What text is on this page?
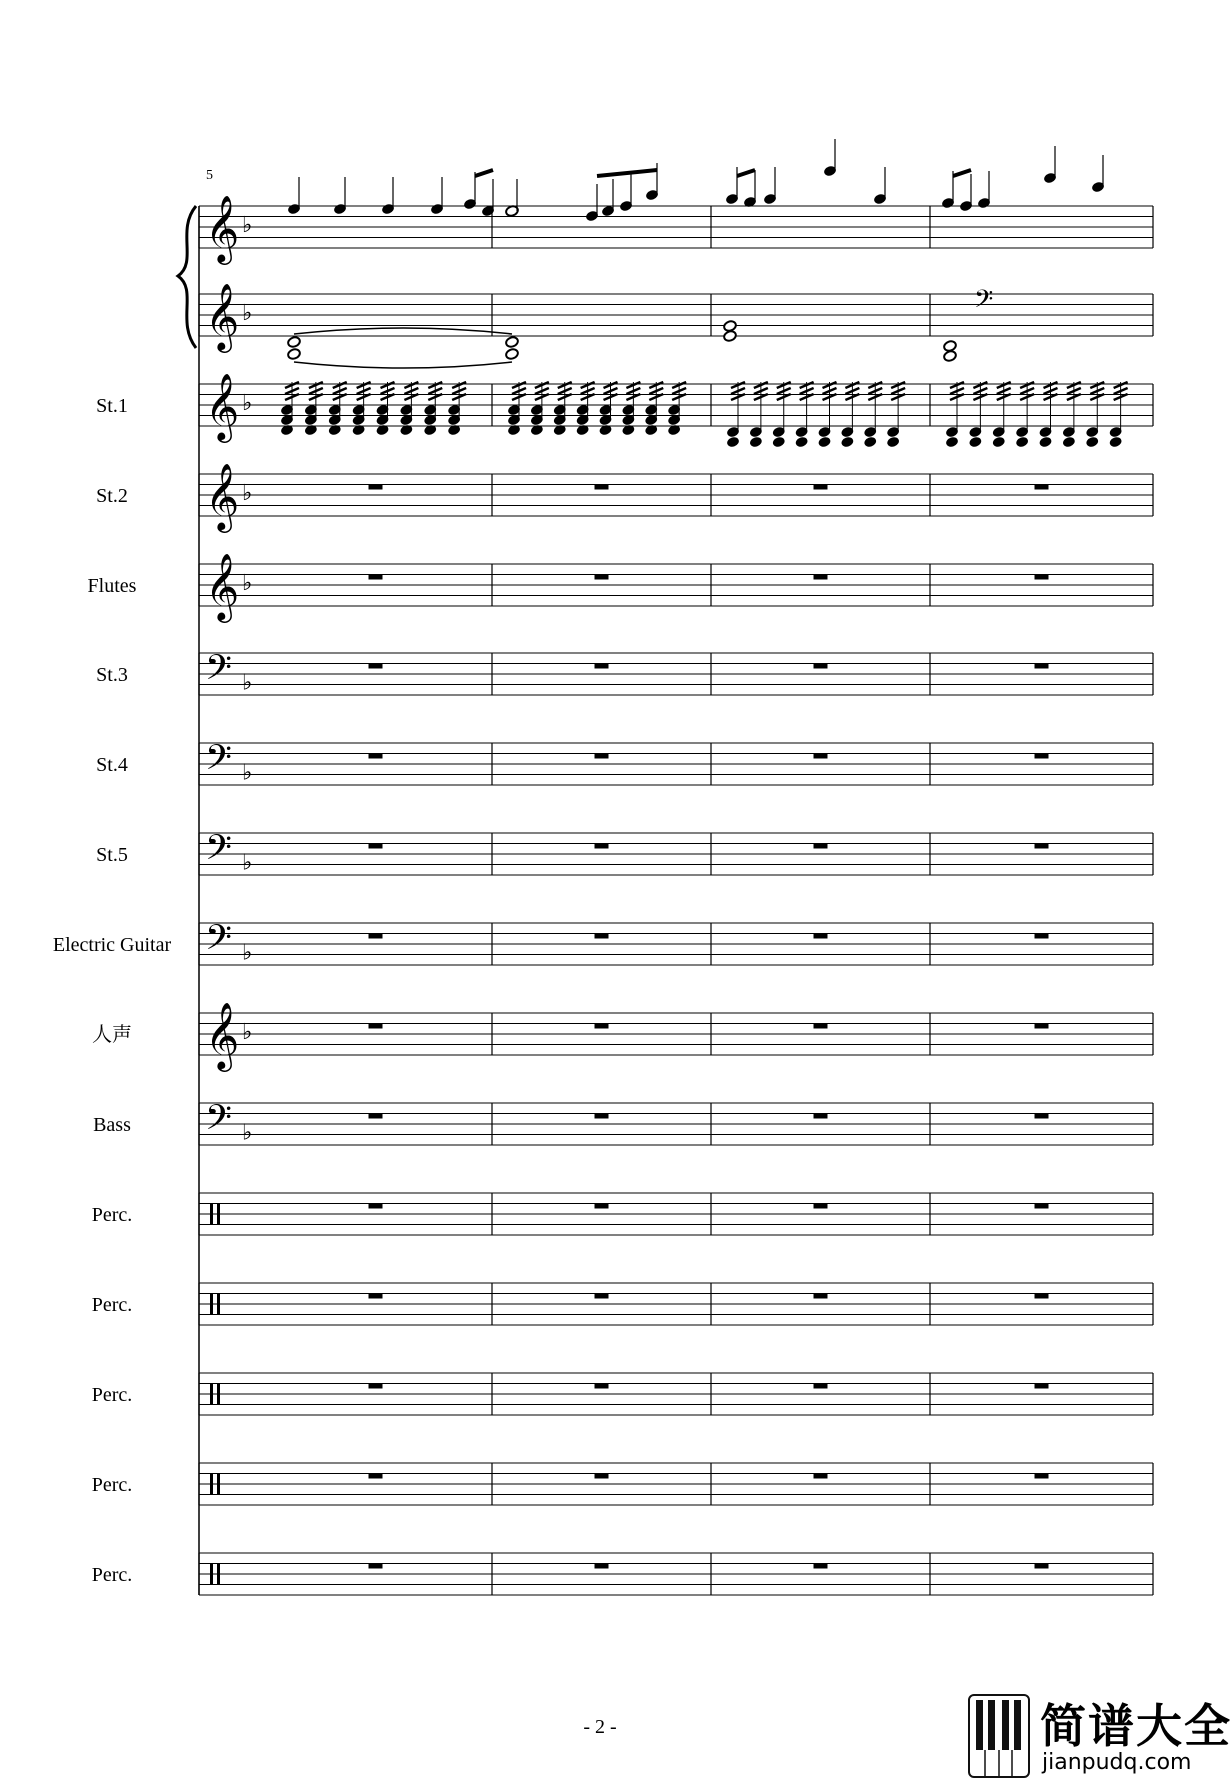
St.1
St.2
Flutes
St.3
St.4
St.5
Electric Guitar
人声
Bass
Perc.
Perc.
Perc.
Perc.
Perc.
𝄞 ♭
𝄞 ♭	𝄢
𝄞 ♭
𝄞 ♭
𝄞 ♭
𝄢 ♭
𝄢 ♭
𝄢 ♭
𝄢 ♭
𝄞 ♭
𝄢 ♭
5
- 2 -	简谱大全
jianpudq.com
